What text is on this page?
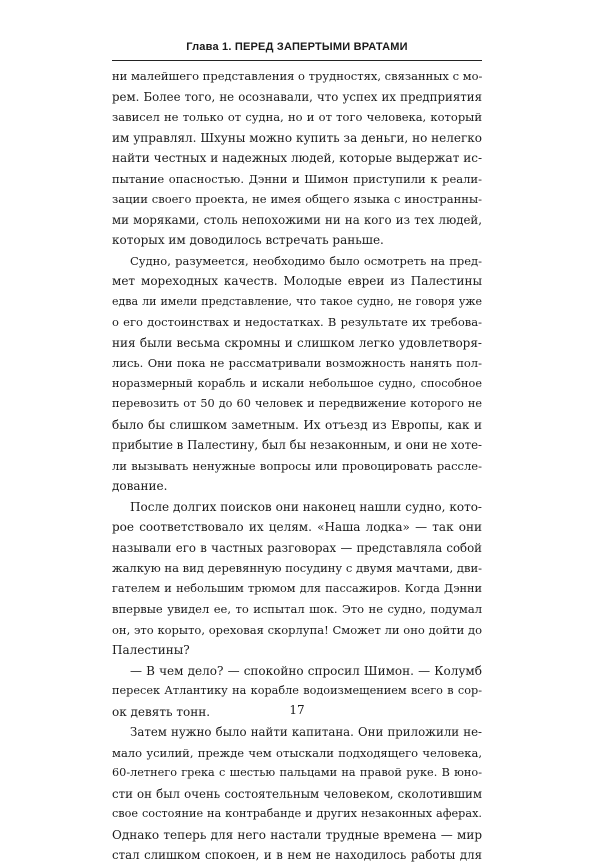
Глава 1. ПЕРЕД ЗАПЕРТЫМИ ВРАТАМИ
ни малейшего представления о трудностях, связанных с мо-
рем. Более того, не осознавали, что успех их предприятия
зависел не только от судна, но и от того человека, который
им управлял. Шхуны можно купить за деньги, но нелегко
найти честных и надежных людей, которые выдержат ис-
пытание опасностью. Дэнни и Шимон приступили к реали-
зации своего проекта, не имея общего языка с иностранны-
ми моряками, столь непохожими ни на кого из тех людей,
которых им доводилось встречать раньше.
Судно, разумеется, необходимо было осмотреть на пред-
мет мореходных качеств. Молодые евреи из Палестины
едва ли имели представление, что такое судно, не говоря уже
о его достоинствах и недостатках. В результате их требова-
ния были весьма скромны и слишком легко удовлетворя-
лись. Они пока не рассматривали возможность нанять пол-
норазмерный корабль и искали небольшое судно, способное
перевозить от 50 до 60 человек и передвижение которого не
было бы слишком заметным. Их отъезд из Европы, как и
прибытие в Палестину, был бы незаконным, и они не хоте-
ли вызывать ненужные вопросы или провоцировать рассле-
дование.
После долгих поисков они наконец нашли судно, кото-
рое соответствовало их целям. «Наша лодка» — так они
называли его в частных разговорах — представляла собой
жалкую на вид деревянную посудину с двумя мачтами, дви-
гателем и небольшим трюмом для пассажиров. Когда Дэнни
впервые увидел ее, то испытал шок. Это не судно, подумал
он, это корыто, ореховая скорлупа! Сможет ли оно дойти до
Палестины?
— В чем дело? — спокойно спросил Шимон. — Колумб
пересек Атлантику на корабле водоизмещением всего в сор-
ок девять тонн.
Затем нужно было найти капитана. Они приложили не-
мало усилий, прежде чем отыскали подходящего человека,
60-летнего грека с шестью пальцами на правой руке. В юно-
сти он был очень состоятельным человеком, сколотившим
свое состояние на контрабанде и других незаконных аферах.
Однако теперь для него настали трудные времена — мир
стал слишком спокоен, и в нем не находилось работы для
17
